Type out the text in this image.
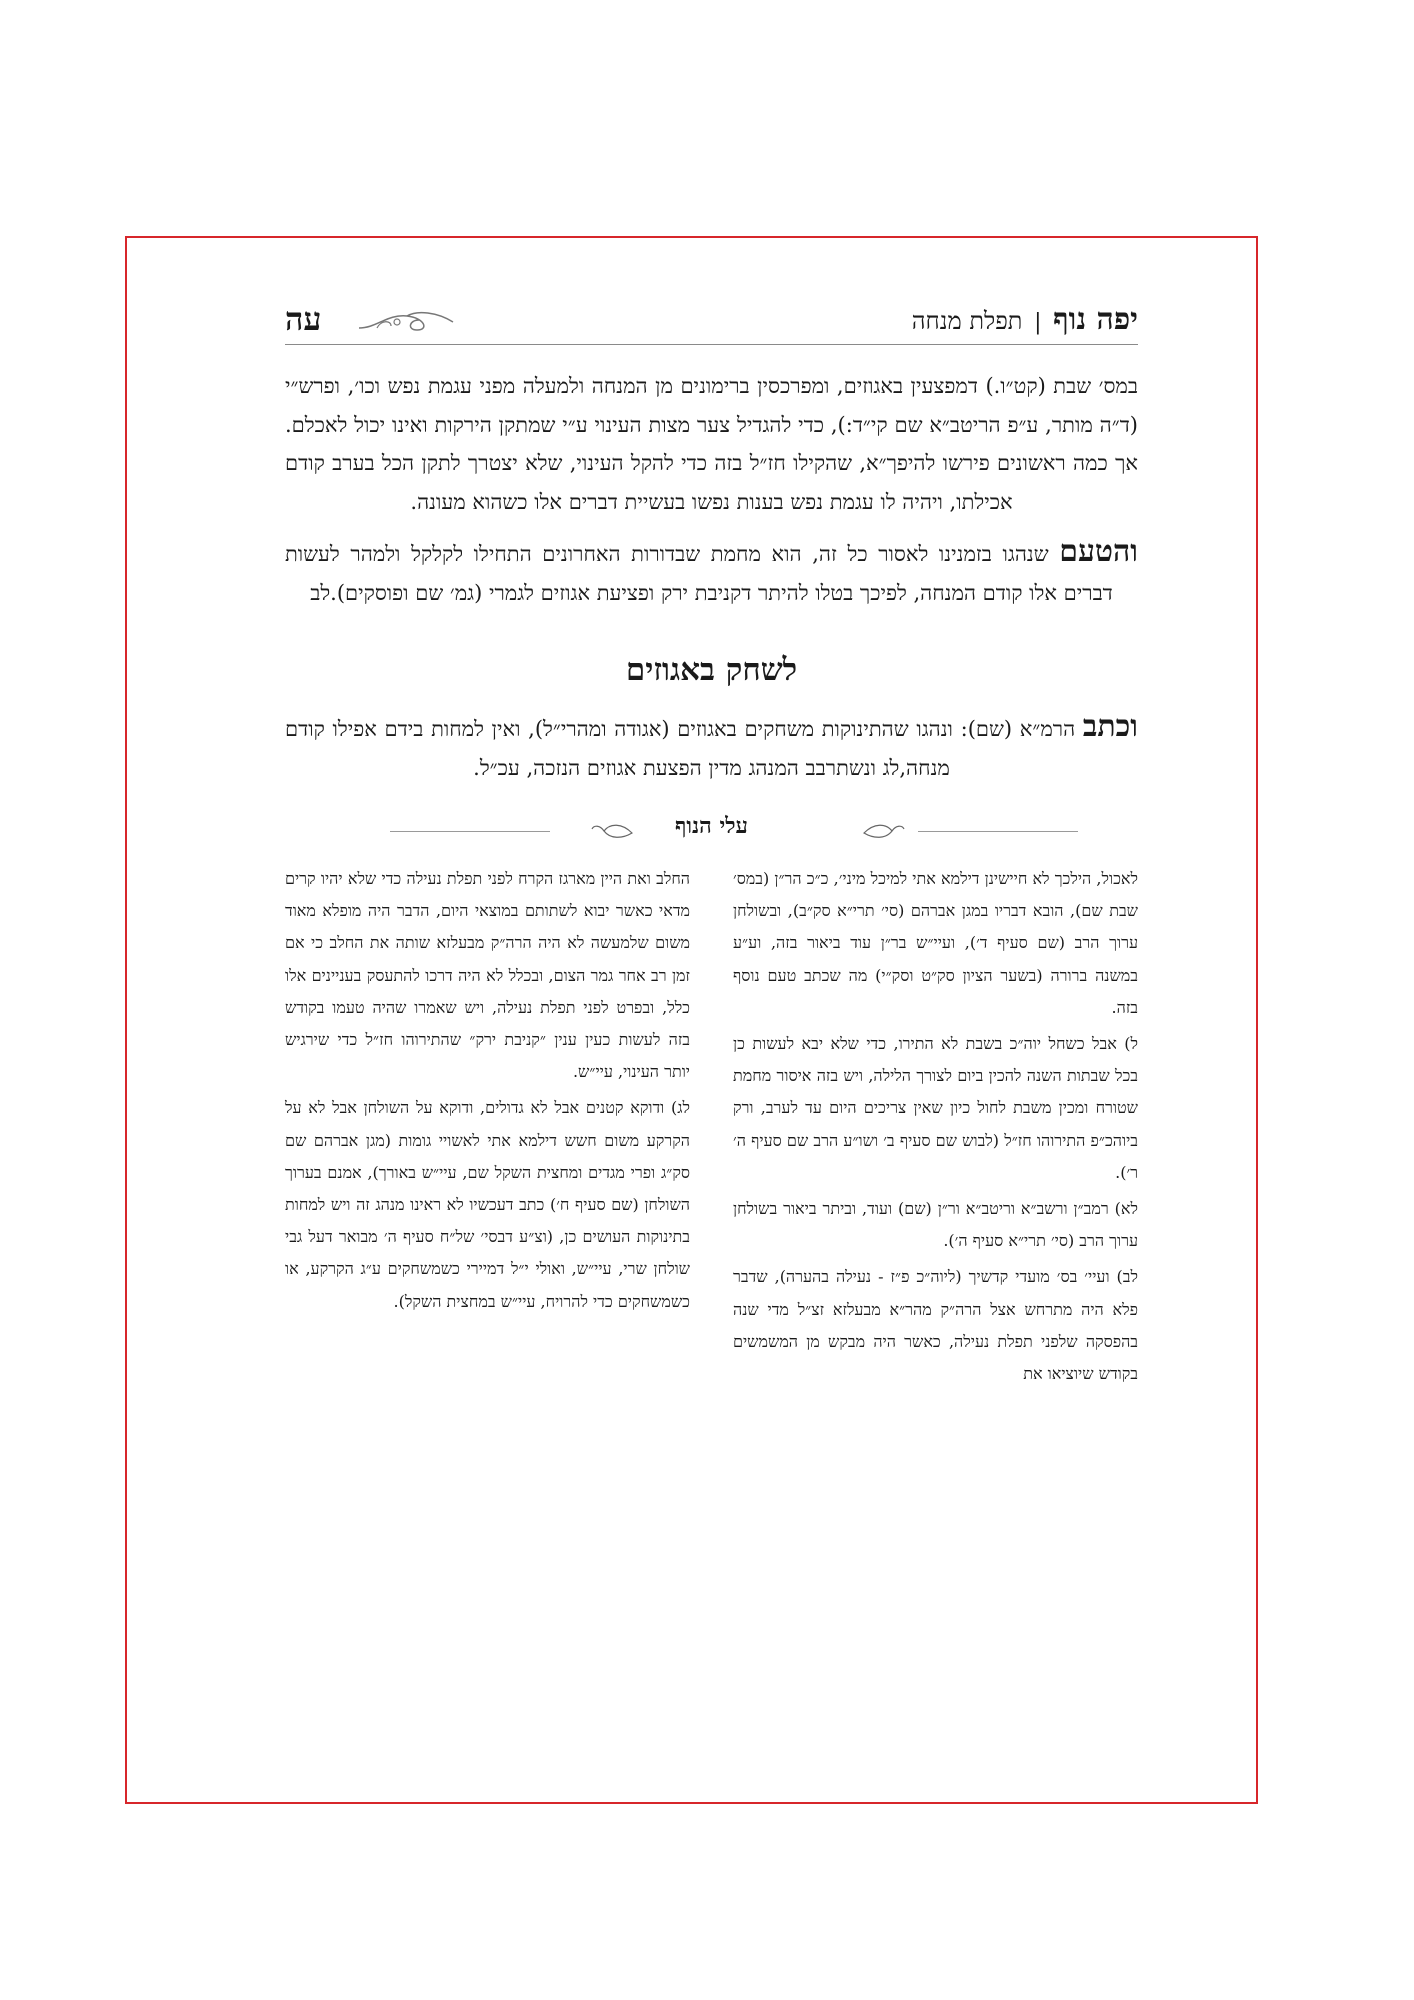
יפה נוף | תפלת מנחה
עה

במס׳ שבת (קט״ו.) דמפצעין באגוזים, ומפרכסין ברימונים מן המנחה ולמעלה מפני עגמת נפש וכו׳, ופרש״י (ד״ה מותר, ע״פ הריטב״א שם קי״ד:), כדי להגדיל צער מצות העינוי ע״י שמתקן הירקות ואינו יכול לאכלם. אך כמה ראשונים פירשו להיפך״א, שהקילו חז״ל בזה כדי להקל העינוי, שלא יצטרך לתקן הכל בערב קודם אכילתו, ויהיה לו עגמת נפש בענות נפשו בעשיית דברים אלו כשהוא מעונה.

והטעם שנהגו בזמנינו לאסור כל זה, הוא מחמת שבדורות האחרונים התחילו לקלקל ולמהר לעשות דברים אלו קודם המנחה, לפיכך בטלו להיתר דקניבת ירק ופציעת אגוזים לגמרי (גמ׳ שם ופוסקים).לב

לשחק באגוזים

וכתב הרמ״א (שם): ונהגו שהתינוקות משחקים באגוזים (אגודה ומהרי״ל), ואין למחות בידם אפילו קודם מנחה,לג ונשתרבב המנהג מדין הפצעת אגוזים הנזכה, עכ״ל.

עלי הנוף

לאכול, הילכך לא חיישינן דילמא אתי למיכל מיני׳, כ״כ הר״ן (במס׳ שבת שם), הובא דבריו במגן אברהם (סי׳ תרי״א סק״ב), ובשולחן ערוך הרב (שם סעיף ד׳), ועיי״ש בר״ן עוד ביאור בזה, וע״ע במשנה ברורה (בשער הציון סק״ט וסק״י) מה שכתב טעם נוסף בזה.

ל) אבל כשחל יוה״כ בשבת לא התירו, כדי שלא יבא לעשות כן בכל שבתות השנה להכין ביום לצורך הלילה, ויש בזה איסור מחמת שטורח ומכין משבת לחול כיון שאין צריכים היום עד לערב, ורק ביוהכ״פ התירוהו חז״ל (לבוש שם סעיף ב׳ ושו״ע הרב שם סעיף ה׳ ר׳).

לא) רמב״ן ורשב״א וריטב״א ור״ן (שם) ועוד, וביתר ביאור בשולחן ערוך הרב (סי׳ תרי״א סעיף ה׳).

לב) ועיי׳ בס׳ מועדי קדשיך (ליוה״כ פ״ז - נעילה בהערה), שדבר פלא היה מתרחש אצל הרה״ק מהר״א מבעלזא זצ״ל מדי שנה בהפסקה שלפני תפלת נעילה, כאשר היה מבקש מן המשמשים בקודש שיוציאו את

החלב ואת היין מארגז הקרח לפני תפלת נעילה כדי שלא יהיו קרים מדאי כאשר יבוא לשתותם במוצאי היום, הדבר היה מופלא מאוד משום שלמעשה לא היה הרה״ק מבעלזא שותה את החלב כי אם זמן רב אחר גמר הצום, ובכלל לא היה דרכו להתעסק בעניינים אלו כלל, ובפרט לפני תפלת נעילה, ויש שאמרו שהיה טעמו בקודש בזה לעשות כעין ענין ״קניבת ירק״ שהתירוהו חז״ל כדי שירגיש יותר העינוי, עיי״ש.

לג) ודוקא קטנים אבל לא גדולים, ודוקא על השולחן אבל לא על הקרקע משום חשש דילמא אתי לאשויי גומות (מגן אברהם שם סק״ג ופרי מגדים ומחצית השקל שם, עיי״ש באורך), אמנם בערוך השולחן (שם סעיף ח׳) כתב דעכשיו לא ראינו מנהג זה ויש למחות בתינוקות העושים כן, (וצ״ע דבסי׳ של״ח סעיף ה׳ מבואר דעל גבי שולחן שרי, עיי״ש, ואולי י״ל דמיירי כשמשחקים ע״ג הקרקע, או כשמשחקים כדי להרויח, עיי״ש במחצית השקל).
